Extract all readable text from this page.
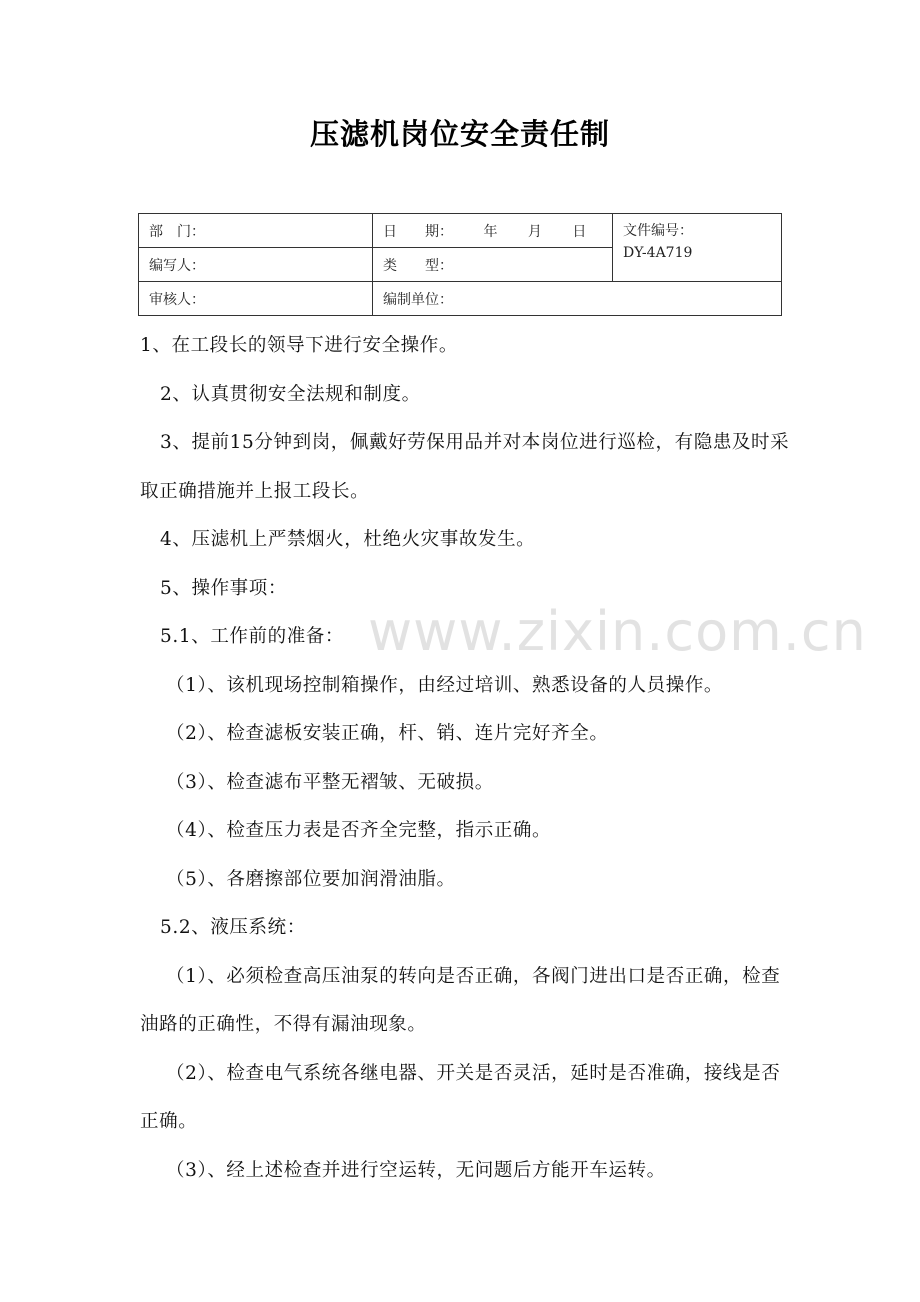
压滤机岗位安全责任制
部　门：	日　　期： 年 月 日	文件编号：
DY-4A719

编写人：	类　　型：	
审核人：	编制单位：	

1、在工段长的领导下进行安全操作。

2、认真贯彻安全法规和制度。

3、提前15分钟到岗，佩戴好劳保用品并对本岗位进行巡检，有隐患及时采取正确措施并上报工段长。

4、压滤机上严禁烟火，杜绝火灾事故发生。

5、操作事项：

5.1、工作前的准备：

（1）、该机现场控制箱操作，由经过培训、熟悉设备的人员操作。

（2）、检查滤板安装正确，杆、销、连片完好齐全。

（3）、检查滤布平整无褶皱、无破损。

（4）、检查压力表是否齐全完整，指示正确。

（5）、各磨擦部位要加润滑油脂。

5.2、液压系统：

（1）、必须检查高压油泵的转向是否正确，各阀门进出口是否正确，检查油路的正确性，不得有漏油现象。

（2）、检查电气系统各继电器、开关是否灵活，延时是否准确，接线是否正确。

（3）、经上述检查并进行空运转，无问题后方能开车运转。

www.zixin.com.cn
